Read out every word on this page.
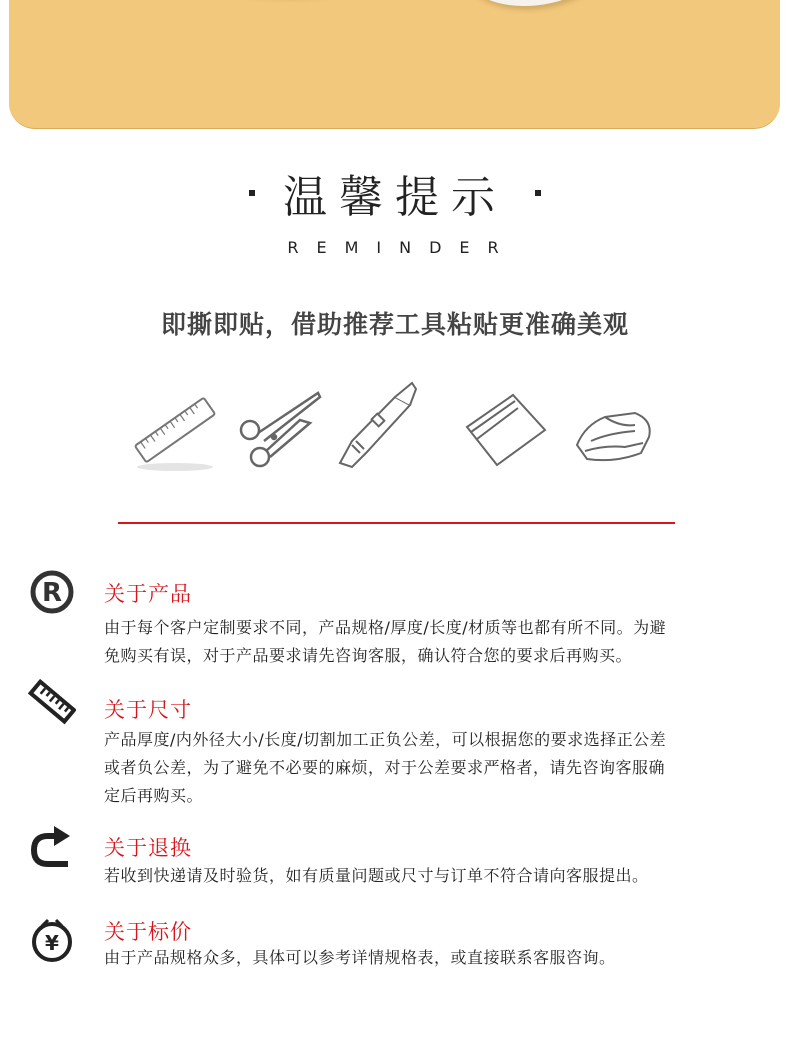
温馨提示
REMINDER
即撕即贴，借助推荐工具粘贴更准确美观
R 关于产品
由于每个客户定制要求不同，产品规格/厚度/长度/材质等也都有所不同。为避
免购买有误，对于产品要求请先咨询客服，确认符合您的要求后再购买。
关于尺寸
产品厚度/内外径大小/长度/切割加工正负公差，可以根据您的要求选择正公差
或者负公差，为了避免不必要的麻烦，对于公差要求严格者，请先咨询客服确
定后再购买。
关于退换
若收到快递请及时验货，如有质量问题或尺寸与订单不符合请向客服提出。
¥ 关于标价
由于产品规格众多，具体可以参考详情规格表，或直接联系客服咨询。
